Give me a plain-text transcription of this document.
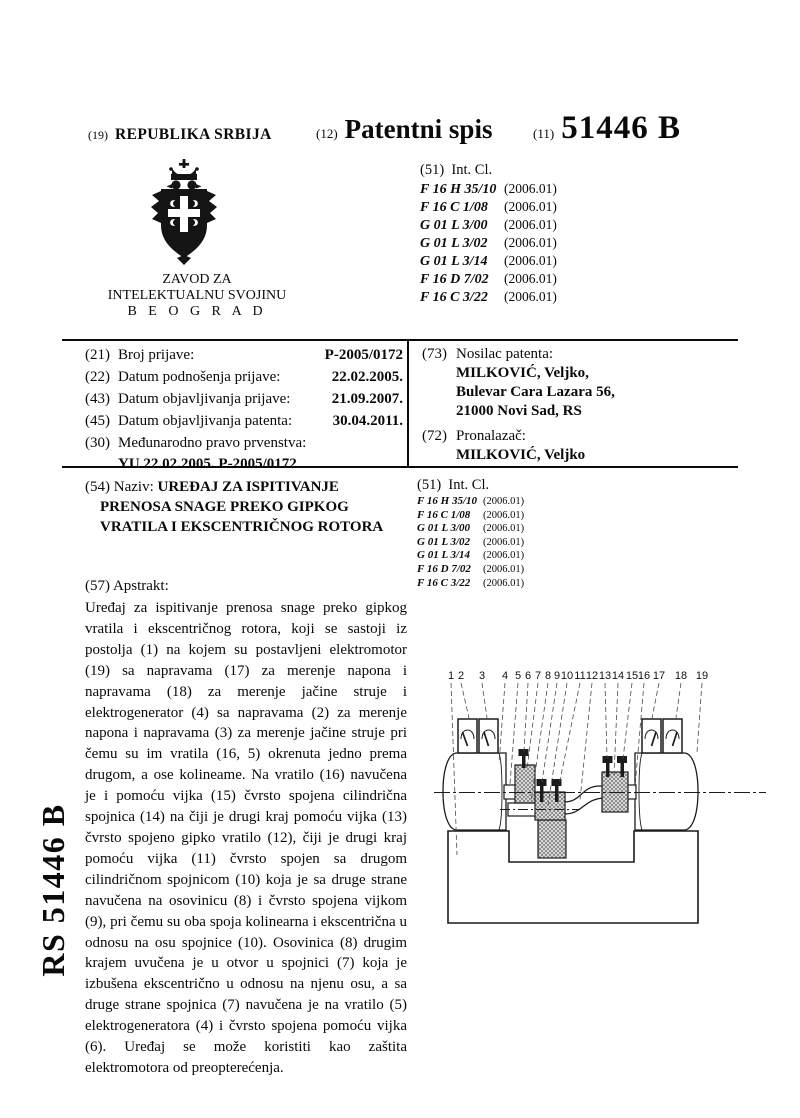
(19) REPUBLIKA SRBIJA	(12) Patentni spis	(11) 51446 B
ZAVOD ZA
INTELEKTUALNU SVOJINU
B E O G R A D
(51) Int. Cl.
F 16 H 35/10 (2006.01)
F 16 C 1/08	(2006.01)
G 01 L 3/00	(2006.01)
G 01 L 3/02	(2006.01)
G 01 L 3/14	(2006.01)
F 16 D 7/02	(2006.01)
F 16 C 3/22	(2006.01)
(21) Broj prijave:	P-2005/0172
(22) Datum podnošenja prijave:	22.02.2005.
(43) Datum objavljivanja prijave:	21.09.2007.
(45) Datum objavljivanja patenta:	30.04.2011.
(30) Međunarodno pravo prvenstva:
YU 22.02.2005. P-2005/0172
(73) Nosilac patenta:
MILKOVIĆ, Veljko,
Bulevar Cara Lazara 56,
21000 Novi Sad, RS
(72) Pronalazač:
MILKOVIĆ, Veljko
(54) Naziv: UREĐAJ ZA ISPITIVANJE
PRENOSA SNAGE PREKO GIPKOG
VRATILA I EKSCENTRIČNOG ROTORA
(51) Int. Cl.
F 16 H 35/10 (2006.01)
F 16 C 1/08	(2006.01)
G 01 L 3/00	(2006.01)
G 01 L 3/02	(2006.01)
G 01 L 3/14	(2006.01)
F 16 D 7/02	(2006.01)
F 16 C 3/22	(2006.01)
(57) Apstrakt:

Uređaj za ispitivanje prenosa snage preko gipkog vratila i ekscentričnog rotora, koji se sastoji iz postolja (1) na kojem su postavljeni elektromotor (19) sa napravama (17) za merenje napona i napravama (18) za merenje jačine struje i elektrogenerator (4) sa napravama (2) za merenje napona i napravama (3) za merenje jačine struje pri čemu su im vratila (16, 5) okrenuta jedno prema drugom, a ose kolineame. Na vratilo (16) navučena je i pomoću vijka (15) čvrsto spojena cilindrična spojnica (14) na čiji je drugi kraj pomoću vijka (13) čvrsto spojeno gipko vratilo (12), čiji je drugi kraj pomoću vijka (11) čvrsto spojen sa drugom cilindričnom spojnicom (10) koja je sa druge strane navučena na osovinicu (8) i čvrsto spojena vijkom (9), pri čemu su oba spoja kolinearna i ekscentrična u odnosu na osu spojnice (10). Osovinica (8) drugim krajem uvučena je u otvor u spojnici (7) koja je izbušena ekscentrično u odnosu na njenu osu, a sa druge strane spojnica (7) navučena je na vratilo (5) elektrogeneratora (4) i čvrsto spojena pomoću vijka (6). Uređaj se može koristiti kao zaštita elektromotora od preopterećenja.

RS 51446 B
1 2 3 4 5 6 7 8 9 10 11 12 13 14 15 16 17 18 19
